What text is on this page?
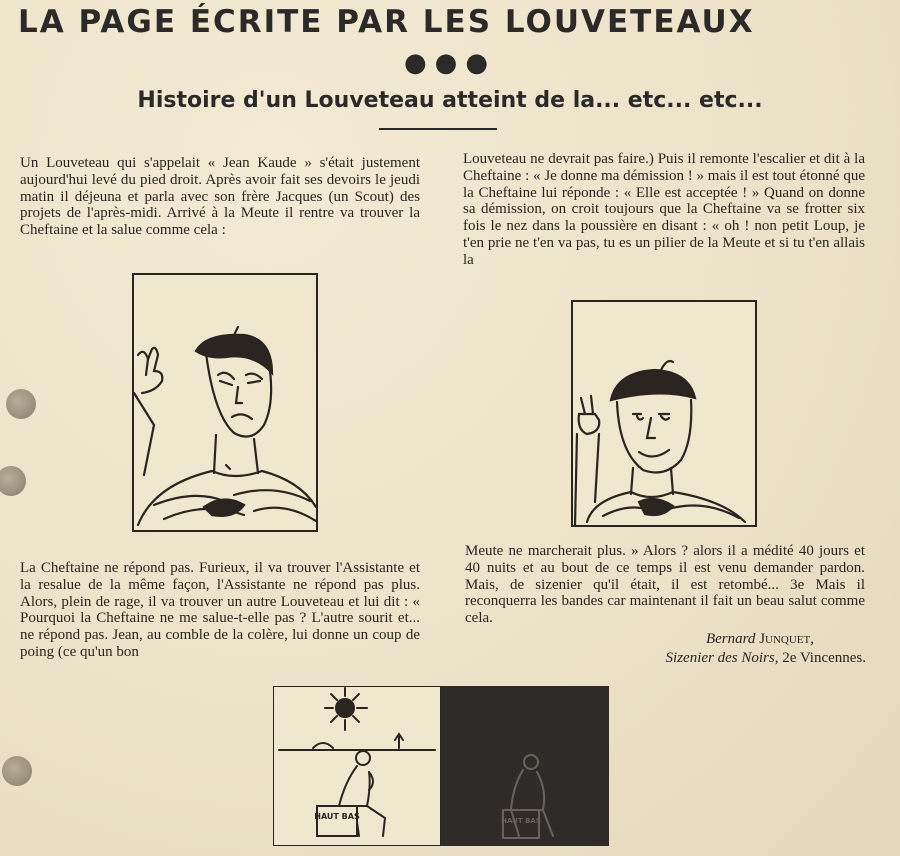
LA PAGE ÉCRITE PAR LES LOUVETEAUX
●●●
Histoire d'un Louveteau atteint de la... etc... etc...

Un Louveteau qui s'appelait « Jean Kaude » s'était justement aujourd'hui levé du pied droit. Après avoir fait ses devoirs le jeudi matin il déjeuna et parla avec son frère Jacques (un Scout) des projets de l'après-midi. Arrivé à la Meute il rentre va trouver la Cheftaine et la salue comme cela :

Louveteau ne devrait pas faire.) Puis il remonte l'escalier et dit à la Cheftaine : « Je donne ma démission ! » mais il est tout étonné que la Cheftaine lui réponde : « Elle est acceptée ! » Quand on donne sa démission, on croit toujours que la Cheftaine va se frotter six fois le nez dans la poussière en disant : « oh ! non petit Loup, je t'en prie ne t'en va pas, tu es un pilier de la Meute et si tu t'en allais la

La Cheftaine ne répond pas. Furieux, il va trouver l'Assistante et la resalue de la même façon, l'Assistante ne répond pas plus. Alors, plein de rage, il va trouver un autre Louveteau et lui dit : « Pourquoi la Cheftaine ne me salue-t-elle pas ? L'autre sourit et... ne répond pas. Jean, au comble de la colère, lui donne un coup de poing (ce qu'un bon

Meute ne marcherait plus. » Alors ? alors il a médité 40 jours et 40 nuits et au bout de ce temps il est venu demander pardon. Mais, de sizenier qu'il était, il est retombé... 3e Mais il reconquerra les bandes car maintenant il fait un beau salut comme cela.

Bernard Junquet,
Sizenier des Noirs, 2e Vincennes.
HAUT BAS	HAUT BAS
